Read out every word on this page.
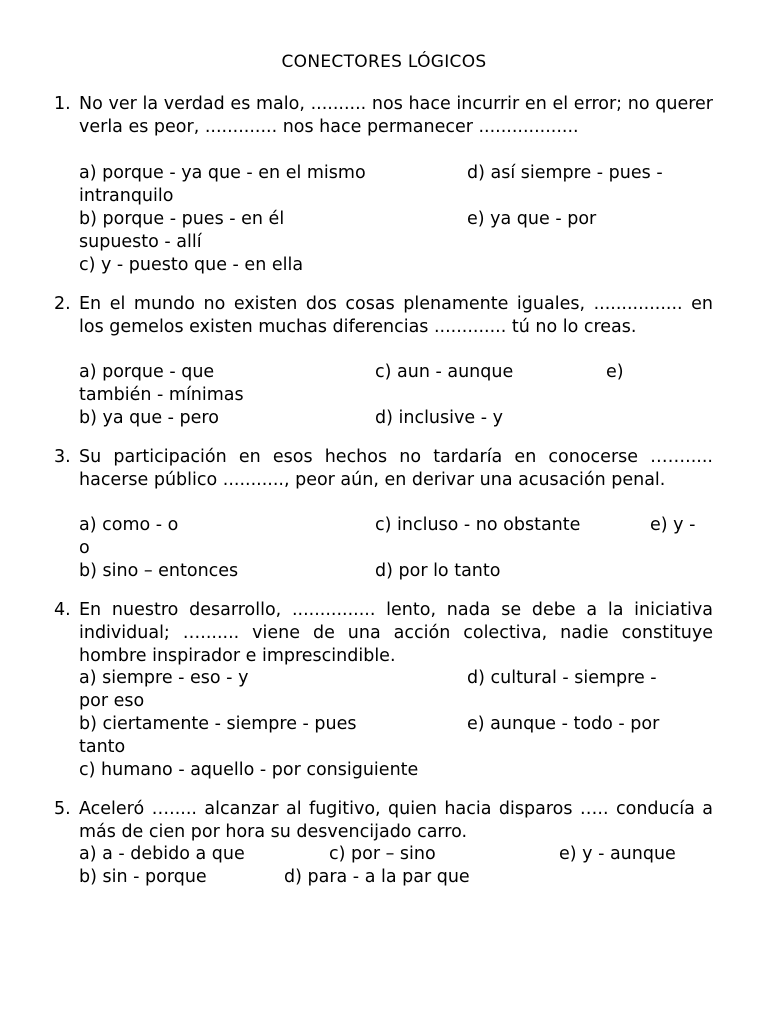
CONECTORES LÓGICOS
1. No ver la verdad es malo, .......... nos hace incurrir en el error; no querer verla es peor, ............. nos hace permanecer ..................
a) porque - ya que - en el mismo	d) así siempre - pues -
intranquilo
b) porque - pues - en él	e) ya que - por
supuesto - allí
c) y - puesto que - en ella
2. En el mundo no existen dos cosas plenamente iguales, ................ en los gemelos existen muchas diferencias ............. tú no lo creas.
a) porque - que	c) aun - aunque	e)
también - mínimas
b) ya que - pero	d) inclusive - y
3. Su participación en esos hechos no tardaría en conocerse ……..... hacerse público ..........., peor aún, en derivar una acusación penal.
a) como - o	c) incluso - no obstante	e) y -
o
b) sino – entonces	d) por lo tanto
4. En nuestro desarrollo, ............... lento, nada se debe a la iniciativa individual; …....... viene de una acción colectiva, nadie constituye hombre inspirador e imprescindible.
a) siempre - eso - y	d) cultural - siempre -
por eso
b) ciertamente - siempre - pues	e) aunque - todo - por
tanto
c) humano - aquello - por consiguiente
5. Aceleró …..... alcanzar al fugitivo, quien hacia disparos ….. conducía a más de cien por hora su desvencijado carro.
a) a - debido a que	c) por – sino	e) y - aunque
b) sin - porque	d) para - a la par que
